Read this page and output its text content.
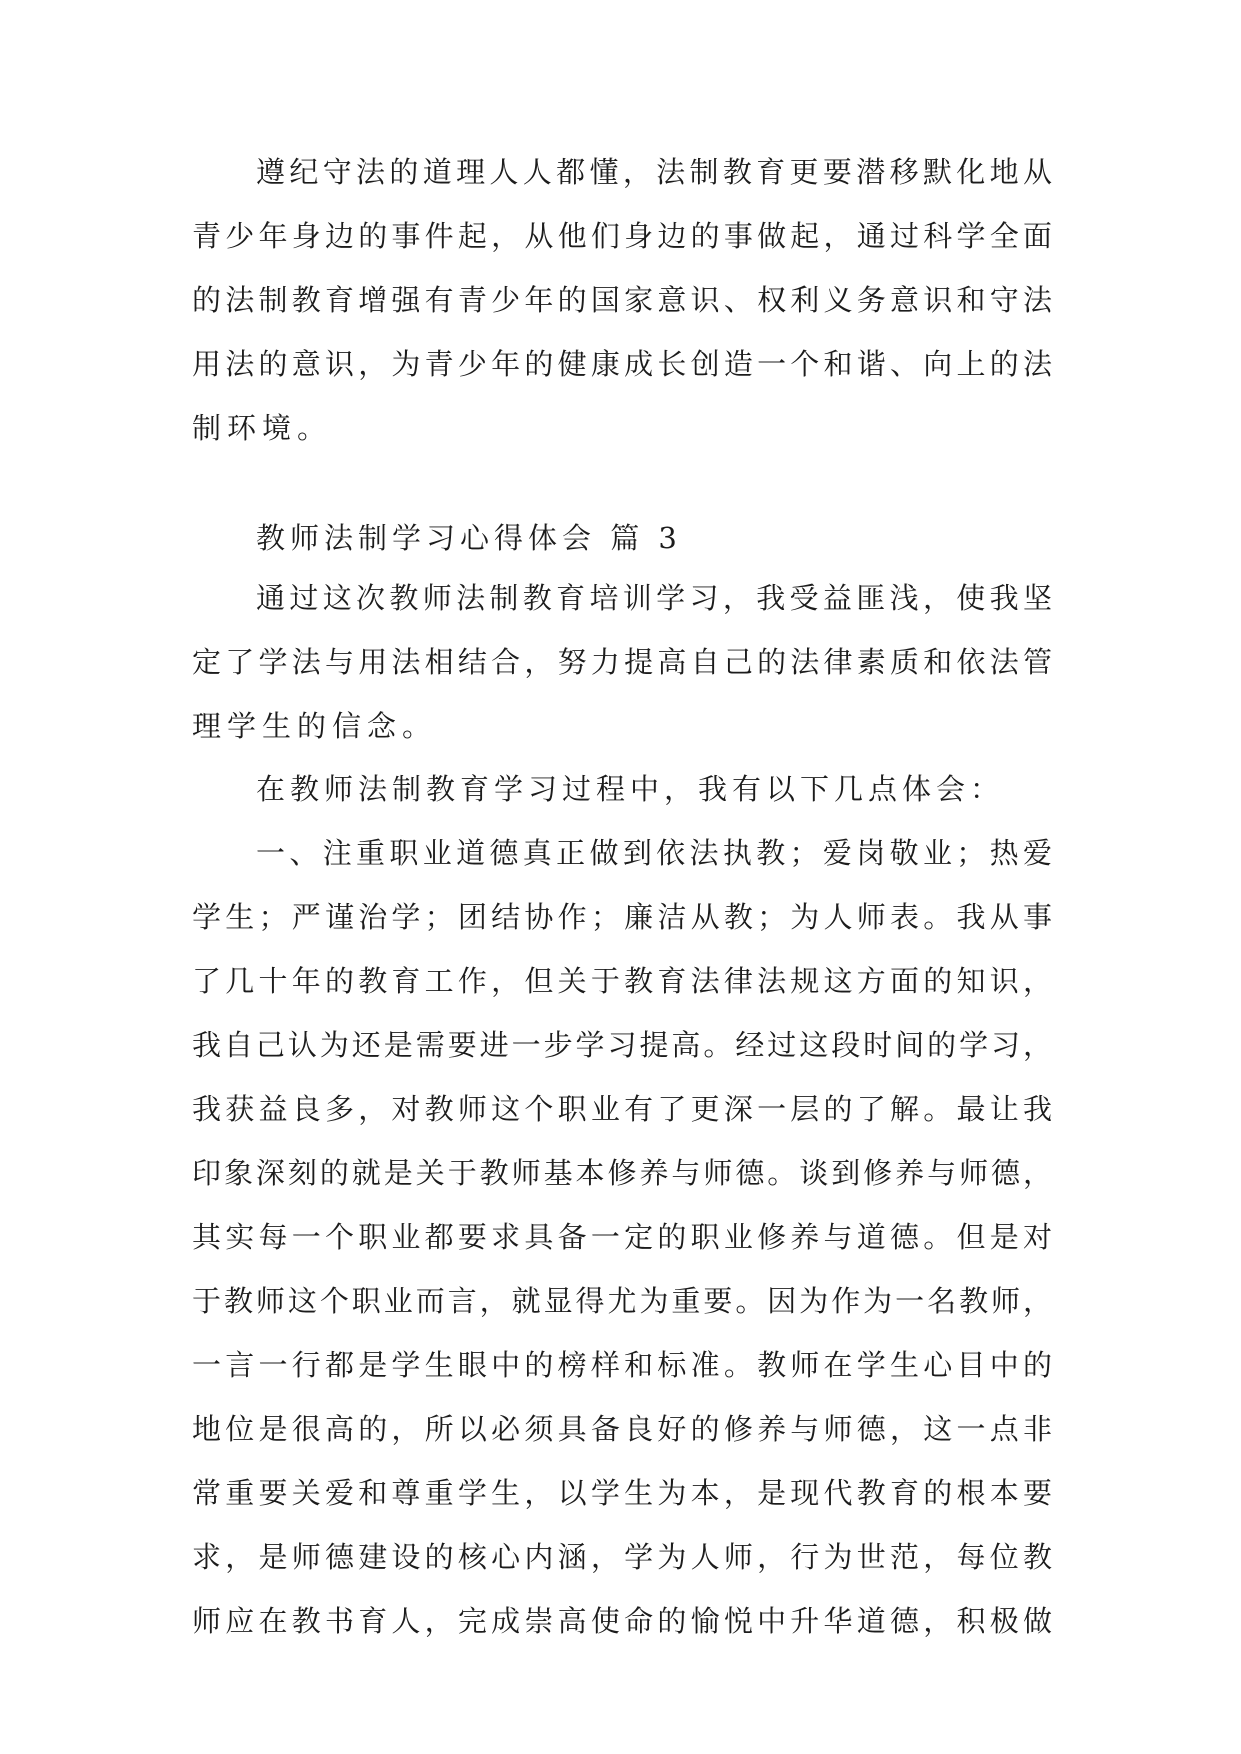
遵纪守法的道理人人都懂，法制教育更要潜移默化地从

青少年身边的事件起，从他们身边的事做起，通过科学全面

的法制教育增强有青少年的国家意识、权利义务意识和守法

用法的意识，为青少年的健康成长创造一个和谐、向上的法

制环境。

教师法制学习心得体会 篇 3

通过这次教师法制教育培训学习，我受益匪浅，使我坚

定了学法与用法相结合，努力提高自己的法律素质和依法管

理学生的信念。

在教师法制教育学习过程中，我有以下几点体会：

一、注重职业道德真正做到依法执教；爱岗敬业；热爱

学生；严谨治学；团结协作；廉洁从教；为人师表。我从事

了几十年的教育工作，但关于教育法律法规这方面的知识，

我自己认为还是需要进一步学习提高。经过这段时间的学习，

我获益良多，对教师这个职业有了更深一层的了解。最让我

印象深刻的就是关于教师基本修养与师德。谈到修养与师德，

其实每一个职业都要求具备一定的职业修养与道德。但是对

于教师这个职业而言，就显得尤为重要。因为作为一名教师，

一言一行都是学生眼中的榜样和标准。教师在学生心目中的

地位是很高的，所以必须具备良好的修养与师德，这一点非

常重要关爱和尊重学生，以学生为本，是现代教育的根本要

求，是师德建设的核心内涵，学为人师，行为世范，每位教

师应在教书育人，完成崇高使命的愉悦中升华道德，积极做
